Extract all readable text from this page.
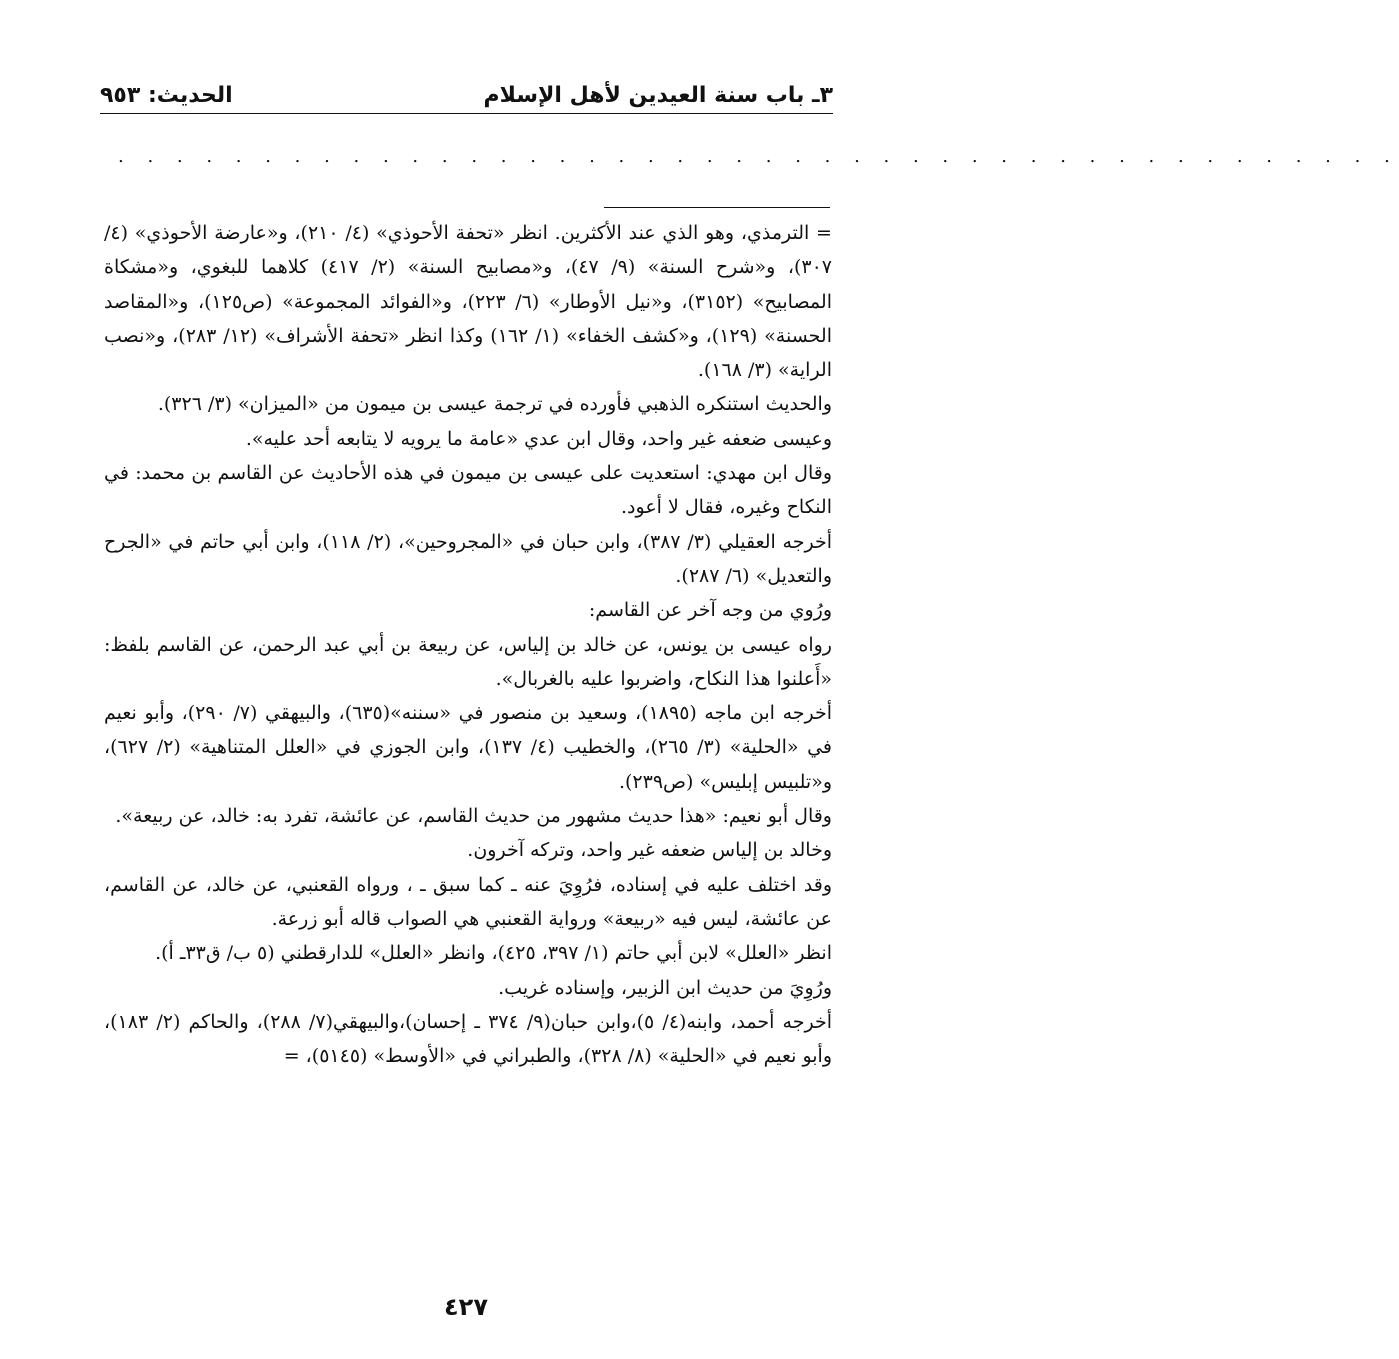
٣ـ باب سنة العيدين لأهل الإسلام
الحديث: ٩٥٣
. . . . . . . . . . . . . . . . . . . . . . . . . . . . . . . . . . . . . . . . . . . .

= الترمذي، وهو الذي عند الأكثرين. انظر «تحفة الأحوذي» (٤/ ٢١٠)، و«عارضة الأحوذي» (٤/ ٣٠٧)، و«شرح السنة» (٩/ ٤٧)، و«مصابيح السنة» (٢/ ٤١٧) كلاهما للبغوي، و«مشكاة المصابيح» (٣١٥٢)، و«نيل الأوطار» (٦/ ٢٢٣)، و«الفوائد المجموعة» (ص١٢٥)، و«المقاصد الحسنة» (١٢٩)، و«كشف الخفاء» (١/ ١٦٢) وكذا انظر «تحفة الأشراف» (١٢/ ٢٨٣)، و«نصب الراية» (٣/ ١٦٨).

والحديث استنكره الذهبي فأورده في ترجمة عيسى بن ميمون من «الميزان» (٣/ ٣٢٦).

وعيسى ضعفه غير واحد، وقال ابن عدي «عامة ما يرويه لا يتابعه أحد عليه».

وقال ابن مهدي: استعديت على عيسى بن ميمون في هذه الأحاديث عن القاسم بن محمد: في النكاح وغيره، فقال لا أعود.

أخرجه العقيلي (٣/ ٣٨٧)، وابن حبان في «المجروحين»، (٢/ ١١٨)، وابن أبي حاتم في «الجرح والتعديل» (٦/ ٢٨٧).

ورُوي من وجه آخر عن القاسم:

رواه عيسى بن يونس، عن خالد بن إلياس، عن ربيعة بن أبي عبد الرحمن، عن القاسم بلفظ: «أَعلنوا هذا النكاح، واضربوا عليه بالغربال».

أخرجه ابن ماجه (١٨٩٥)، وسعيد بن منصور في «سننه»(٦٣٥)، والبيهقي (٧/ ٢٩٠)، وأبو نعيم في «الحلية» (٣/ ٢٦٥)، والخطيب (٤/ ١٣٧)، وابن الجوزي في «العلل المتناهية» (٢/ ٦٢٧)، و«تلبيس إبليس» (ص٢٣٩).

وقال أبو نعيم: «هذا حديث مشهور من حديث القاسم، عن عائشة، تفرد به: خالد، عن ربيعة».

وخالد بن إلياس ضعفه غير واحد، وتركه آخرون.

وقد اختلف عليه في إسناده، فرُوِيَ عنه ـ كما سبق ـ ، ورواه القعنبي، عن خالد، عن القاسم، عن عائشة، ليس فيه «ربيعة» ورواية القعنبي هي الصواب قاله أبو زرعة.

انظر «العلل» لابن أبي حاتم (١/ ٣٩٧، ٤٢٥)، وانظر «العلل» للدارقطني (٥ ب/ ق٣٣ـ أ).

ورُوِيَ من حديث ابن الزبير، وإسناده غريب.

أخرجه أحمد، وابنه(٤/ ٥)،وابن حبان(٩/ ٣٧٤ ـ إحسان)،والبيهقي(٧/ ٢٨٨)، والحاكم (٢/ ١٨٣)، وأبو نعيم في «الحلية» (٨/ ٣٢٨)، والطبراني في «الأوسط» (٥١٤٥)، =

٤٢٧
